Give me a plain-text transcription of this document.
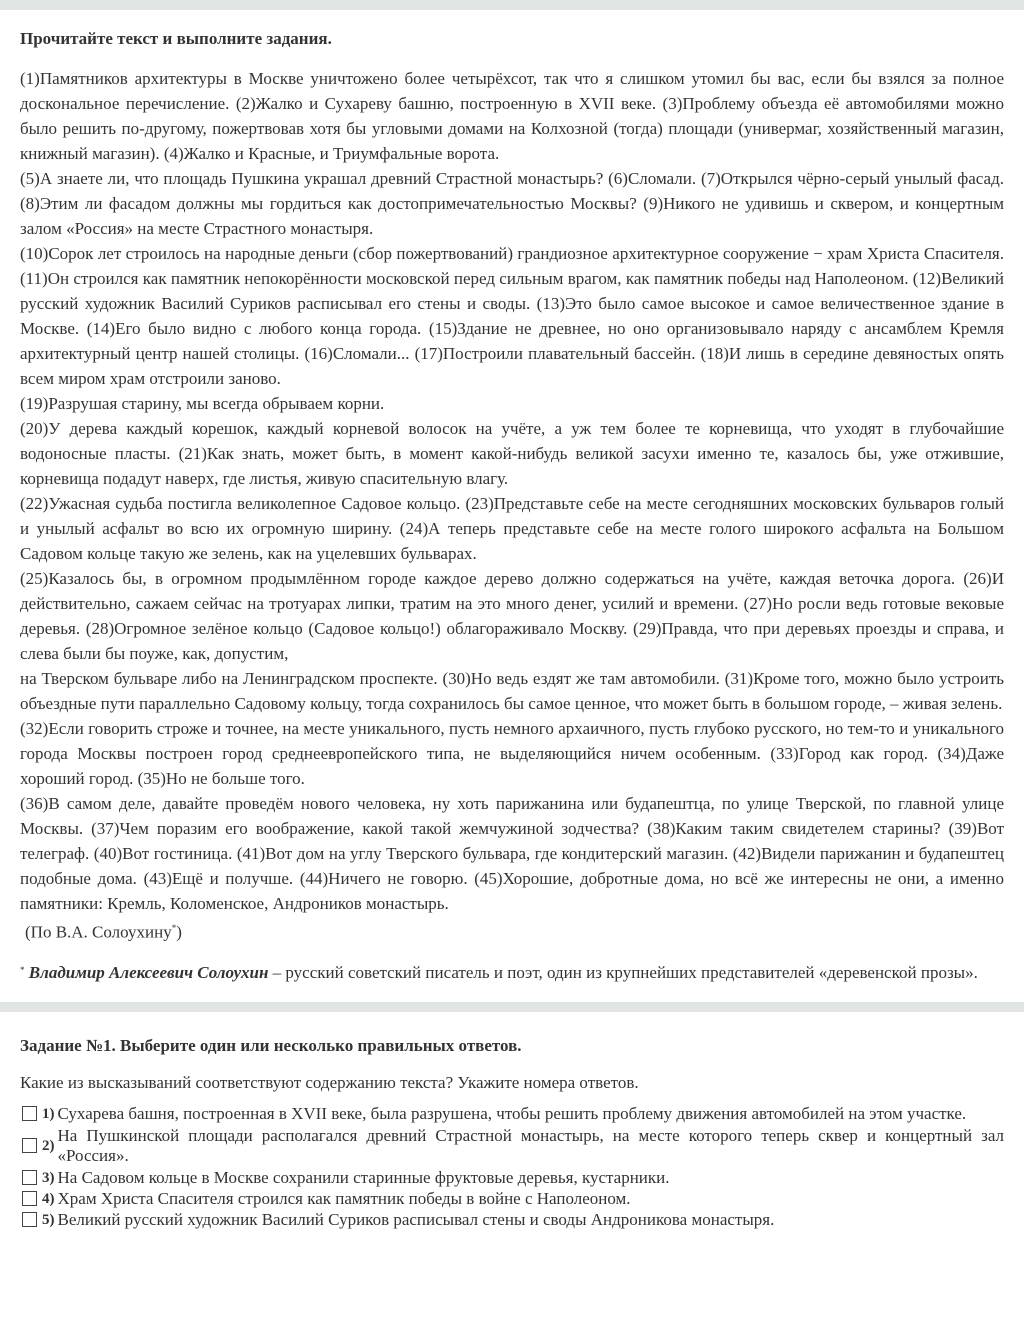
Прочитайте текст и выполните задания.

(1)Памятников архитектуры в Москве уничтожено более четырёхсот, так что я слишком утомил бы вас, если бы взялся за полное доскональное перечисление. (2)Жалко и Сухареву башню, построенную в XVII веке. (3)Проблему объезда её автомобилями можно было решить по-другому, пожертвовав хотя бы угловыми домами на Колхозной (тогда) площади (универмаг, хозяйственный магазин, книжный магазин). (4)Жалко и Красные, и Триумфальные ворота.

(5)А знаете ли, что площадь Пушкина украшал древний Страстной монастырь? (6)Сломали. (7)Открылся чёрно-серый унылый фасад. (8)Этим ли фасадом должны мы гордиться как достопримечательностью Москвы? (9)Никого не удивишь и сквером, и концертным залом «Россия» на месте Страстного монастыря.

(10)Сорок лет строилось на народные деньги (сбор пожертвований) грандиозное архитектурное сооружение − храм Христа Спасителя. (11)Он строился как памятник непокорённости московской перед сильным врагом, как памятник победы над Наполеоном. (12)Великий русский художник Василий Суриков расписывал его стены и своды. (13)Это было самое высокое и самое величественное здание в Москве. (14)Его было видно с любого конца города. (15)Здание не древнее, но оно организовывало наряду с ансамблем Кремля архитектурный центр нашей столицы. (16)Сломали... (17)Построили плавательный бассейн. (18)И лишь в середине девяностых опять всем миром храм отстроили заново.

(19)Разрушая старину, мы всегда обрываем корни.

(20)У дерева каждый корешок, каждый корневой волосок на учёте, а уж тем более те корневища, что уходят в глубочайшие водоносные пласты. (21)Как знать, может быть, в момент какой-нибудь великой засухи именно те, казалось бы, уже отжившие, корневища подадут наверх, где листья, живую спасительную влагу.

(22)Ужасная судьба постигла великолепное Садовое кольцо. (23)Представьте себе на месте сегодняшних московских бульваров голый и унылый асфальт во всю их огромную ширину. (24)А теперь представьте себе на месте голого широкого асфальта на Большом Садовом кольце такую же зелень, как на уцелевших бульварах.

(25)Казалось бы, в огромном продымлённом городе каждое дерево должно содержаться на учёте, каждая веточка дорога. (26)И действительно, сажаем сейчас на тротуарах липки, тратим на это много денег, усилий и времени. (27)Но росли ведь готовые вековые деревья. (28)Огромное зелёное кольцо (Садовое кольцо!) облагораживало Москву. (29)Правда, что при деревьях проезды и справа, и слева были бы поуже, как, допустим,

на Тверском бульваре либо на Ленинградском проспекте. (30)Но ведь ездят же там автомобили. (31)Кроме того, можно было устроить объездные пути параллельно Садовому кольцу, тогда сохранилось бы самое ценное, что может быть в большом городе, – живая зелень.

(32)Если говорить строже и точнее, на месте уникального, пусть немного архаичного, пусть глубоко русского, но тем-то и уникального города Москвы построен город среднеевропейского типа, не выделяющийся ничем особенным. (33)Город как город. (34)Даже хороший город. (35)Но не больше того.

(36)В самом деле, давайте проведём нового человека, ну хоть парижанина или будапештца, по улице Тверской, по главной улице Москвы. (37)Чем поразим его воображение, какой такой жемчужиной зодчества? (38)Каким таким свидетелем старины? (39)Вот телеграф. (40)Вот гостиница. (41)Вот дом на углу Тверского бульвара, где кондитерский магазин. (42)Видели парижанин и будапештец подобные дома. (43)Ещё и получше. (44)Ничего не говорю. (45)Хорошие, добротные дома, но всё же интересны не они, а именно памятники: Кремль, Коломенское, Андроников монастырь.

(По В.А. Солоухину*)

* Владимир Алексеевич Солоухин – русский советский писатель и поэт, один из крупнейших представителей «деревенской прозы».
Задание №1. Выберите один или несколько правильных ответов.
Какие из высказываний соответствуют содержанию текста? Укажите номера ответов.
1) Сухарева башня, построенная в XVII веке, была разрушена, чтобы решить проблему движения автомобилей на этом участке.
2)
На Пушкинской площади располагался древний Страстной монастырь, на месте которого теперь сквер и концертный зал «Россия».
3) На Садовом кольце в Москве сохранили старинные фруктовые деревья, кустарники.
4) Храм Христа Спасителя строился как памятник победы в войне с Наполеоном.
5) Великий русский художник Василий Суриков расписывал стены и своды Андроникова монастыря.
